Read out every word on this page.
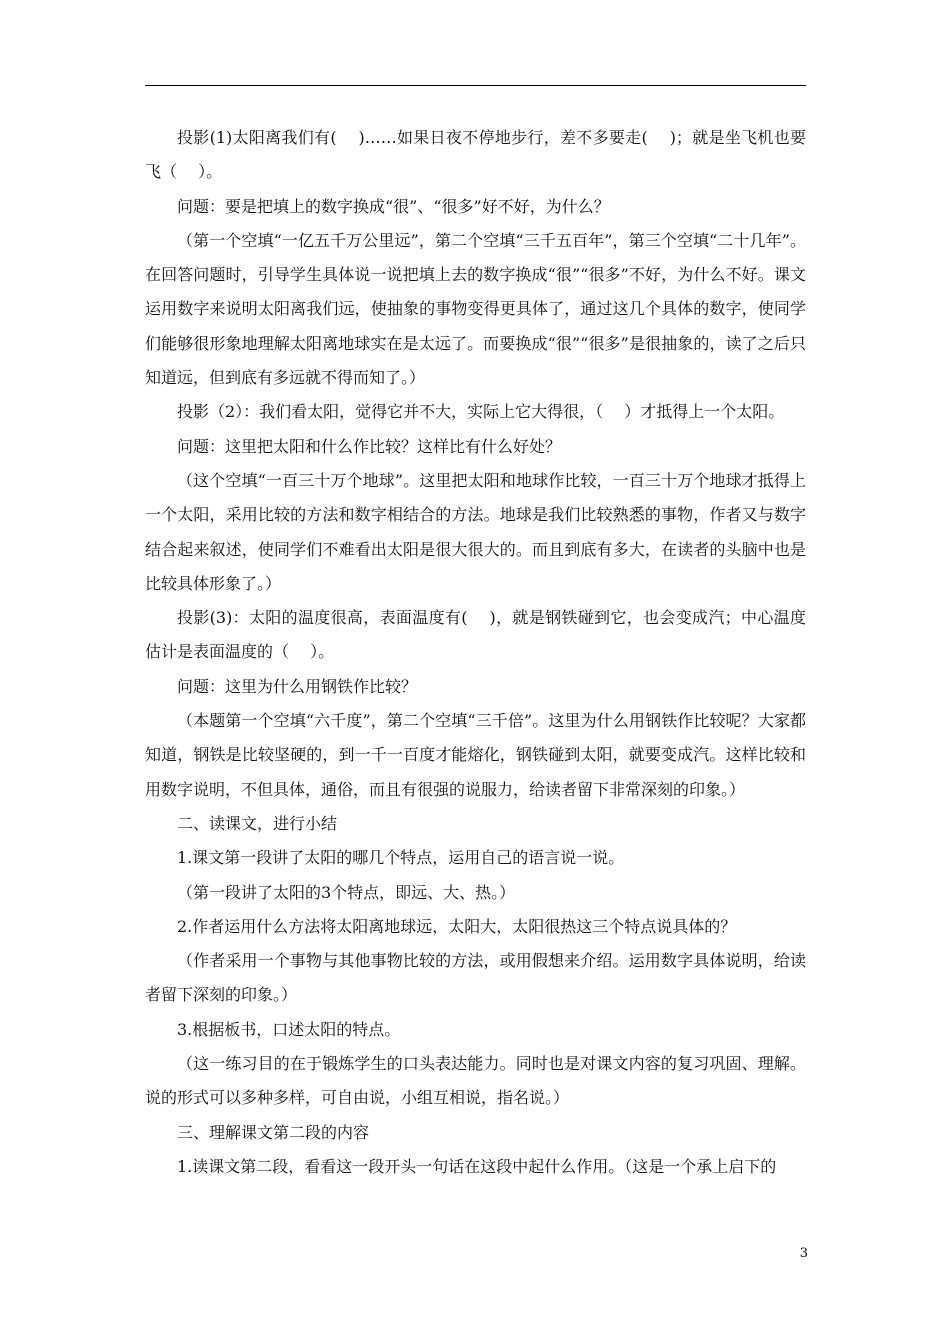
投影(1)太阳离我们有(　 )……如果日夜不停地步行，差不多要走(　 )；就是坐飞机也要飞（　 ）。

问题：要是把填上的数字换成“很”、“很多”好不好，为什么？

（第一个空填“一亿五千万公里远”，第二个空填“三千五百年”，第三个空填“二十几年”。在回答问题时，引导学生具体说一说把填上去的数字换成“很”“很多”不好，为什么不好。课文运用数字来说明太阳离我们远，使抽象的事物变得更具体了，通过这几个具体的数字，使同学们能够很形象地理解太阳离地球实在是太远了。而要换成“很”“很多”是很抽象的，读了之后只知道远，但到底有多远就不得而知了。）

投影（2）：我们看太阳，觉得它并不大，实际上它大得很，（　 ）才抵得上一个太阳。

问题：这里把太阳和什么作比较？这样比有什么好处？

（这个空填“一百三十万个地球”。这里把太阳和地球作比较，一百三十万个地球才抵得上一个太阳，采用比较的方法和数字相结合的方法。地球是我们比较熟悉的事物，作者又与数字结合起来叙述，使同学们不难看出太阳是很大很大的。而且到底有多大，在读者的头脑中也是比较具体形象了。）

投影(3)：太阳的温度很高，表面温度有(　 )，就是钢铁碰到它，也会变成汽；中心温度估计是表面温度的（　 ）。

问题：这里为什么用钢铁作比较？

（本题第一个空填“六千度”，第二个空填“三千倍”。这里为什么用钢铁作比较呢？大家都知道，钢铁是比较坚硬的，到一千一百度才能熔化，钢铁碰到太阳，就要变成汽。这样比较和用数字说明，不但具体，通俗，而且有很强的说服力，给读者留下非常深刻的印象。）

二、读课文，进行小结

1.课文第一段讲了太阳的哪几个特点，运用自己的语言说一说。

（第一段讲了太阳的3个特点，即远、大、热。）

2.作者运用什么方法将太阳离地球远，太阳大，太阳很热这三个特点说具体的？

（作者采用一个事物与其他事物比较的方法，或用假想来介绍。运用数字具体说明，给读者留下深刻的印象。）

3.根据板书，口述太阳的特点。

（这一练习目的在于锻炼学生的口头表达能力。同时也是对课文内容的复习巩固、理解。说的形式可以多种多样，可自由说，小组互相说，指名说。）

三、理解课文第二段的内容

1.读课文第二段，看看这一段开头一句话在这段中起什么作用。（这是一个承上启下的

3
